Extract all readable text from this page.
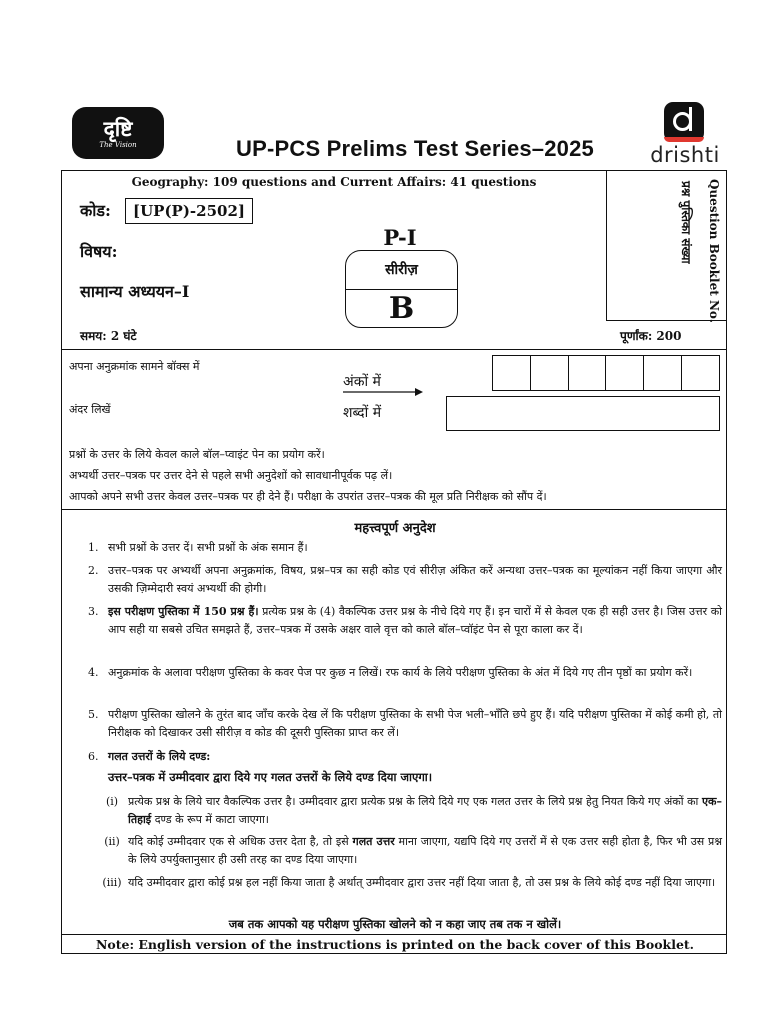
दृष्टि
The Vision	UP-PCS Prelims Test Series–2025	drishti
Geography: 109 questions and Current Affairs: 41 questions
कोड:	[UP(P)-2502]
विषय:
सामान्य अध्ययन–I
समय: 2 घंटे	पूर्णांक: 200
P-I
सीरीज़
B	Question Booklet No.
प्रश्न पुस्तिका संख्या
अपना अनुक्रमांक सामने बॉक्स में
अंदर लिखें
अंकों में
शब्दों में
प्रश्नों के उत्तर के लिये केवल काले बॉल–प्वाइंट पेन का प्रयोग करें।
अभ्यर्थी उत्तर–पत्रक पर उत्तर देने से पहले सभी अनुदेशों को सावधानीपूर्वक पढ़ लें।
आपको अपने सभी उत्तर केवल उत्तर–पत्रक पर ही देने हैं। परीक्षा के उपरांत उत्तर–पत्रक की मूल प्रति निरीक्षक को सौंप दें।
महत्त्वपूर्ण अनुदेश
1. सभी प्रश्नों के उत्तर दें। सभी प्रश्नों के अंक समान हैं।
2. उत्तर–पत्रक पर अभ्यर्थी अपना अनुक्रमांक, विषय, प्रश्न–पत्र का सही कोड एवं सीरीज़ अंकित करें अन्यथा उत्तर–पत्रक का मूल्यांकन नहीं किया जाएगा और उसकी ज़िम्मेदारी स्वयं अभ्यर्थी की होगी।
3. इस परीक्षण पुस्तिका में 150 प्रश्न हैं। प्रत्येक प्रश्न के (4) वैकल्पिक उत्तर प्रश्न के नीचे दिये गए हैं। इन चारों में से केवल एक ही सही उत्तर है। जिस उत्तर को आप सही या सबसे उचित समझते हैं, उत्तर–पत्रक में उसके अक्षर वाले वृत्त को काले बॉल–प्वॉइंट पेन से पूरा काला कर दें।
4. अनुक्रमांक के अलावा परीक्षण पुस्तिका के कवर पेज पर कुछ न लिखें। रफ कार्य के लिये परीक्षण पुस्तिका के अंत में दिये गए तीन पृष्ठों का प्रयोग करें।
5. परीक्षण पुस्तिका खोलने के तुरंत बाद जाँच करके देख लें कि परीक्षण पुस्तिका के सभी पेज भली–भाँति छपे हुए हैं। यदि परीक्षण पुस्तिका में कोई कमी हो, तो निरीक्षक को दिखाकर उसी सीरीज़ व कोड की दूसरी पुस्तिका प्राप्त कर लें।
6. गलत उत्तरों के लिये दण्ड:
उत्तर–पत्रक में उम्मीदवार द्वारा दिये गए गलत उत्तरों के लिये दण्ड दिया जाएगा।
(i) प्रत्येक प्रश्न के लिये चार वैकल्पिक उत्तर है। उम्मीदवार द्वारा प्रत्येक प्रश्न के लिये दिये गए एक गलत उत्तर के लिये प्रश्न हेतु नियत किये गए अंकों का एक–तिहाई दण्ड के रूप में काटा जाएगा।
(ii) यदि कोई उम्मीदवार एक से अधिक उत्तर देता है, तो इसे गलत उत्तर माना जाएगा, यद्यपि दिये गए उत्तरों में से एक उत्तर सही होता है, फिर भी उस प्रश्न के लिये उपर्युक्तानुसार ही उसी तरह का दण्ड दिया जाएगा।
(iii) यदि उम्मीदवार द्वारा कोई प्रश्न हल नहीं किया जाता है अर्थात् उम्मीदवार द्वारा उत्तर नहीं दिया जाता है, तो उस प्रश्न के लिये कोई दण्ड नहीं दिया जाएगा।
जब तक आपको यह परीक्षण पुस्तिका खोलने को न कहा जाए तब तक न खोलें।
Note: English version of the instructions is printed on the back cover of this Booklet.
